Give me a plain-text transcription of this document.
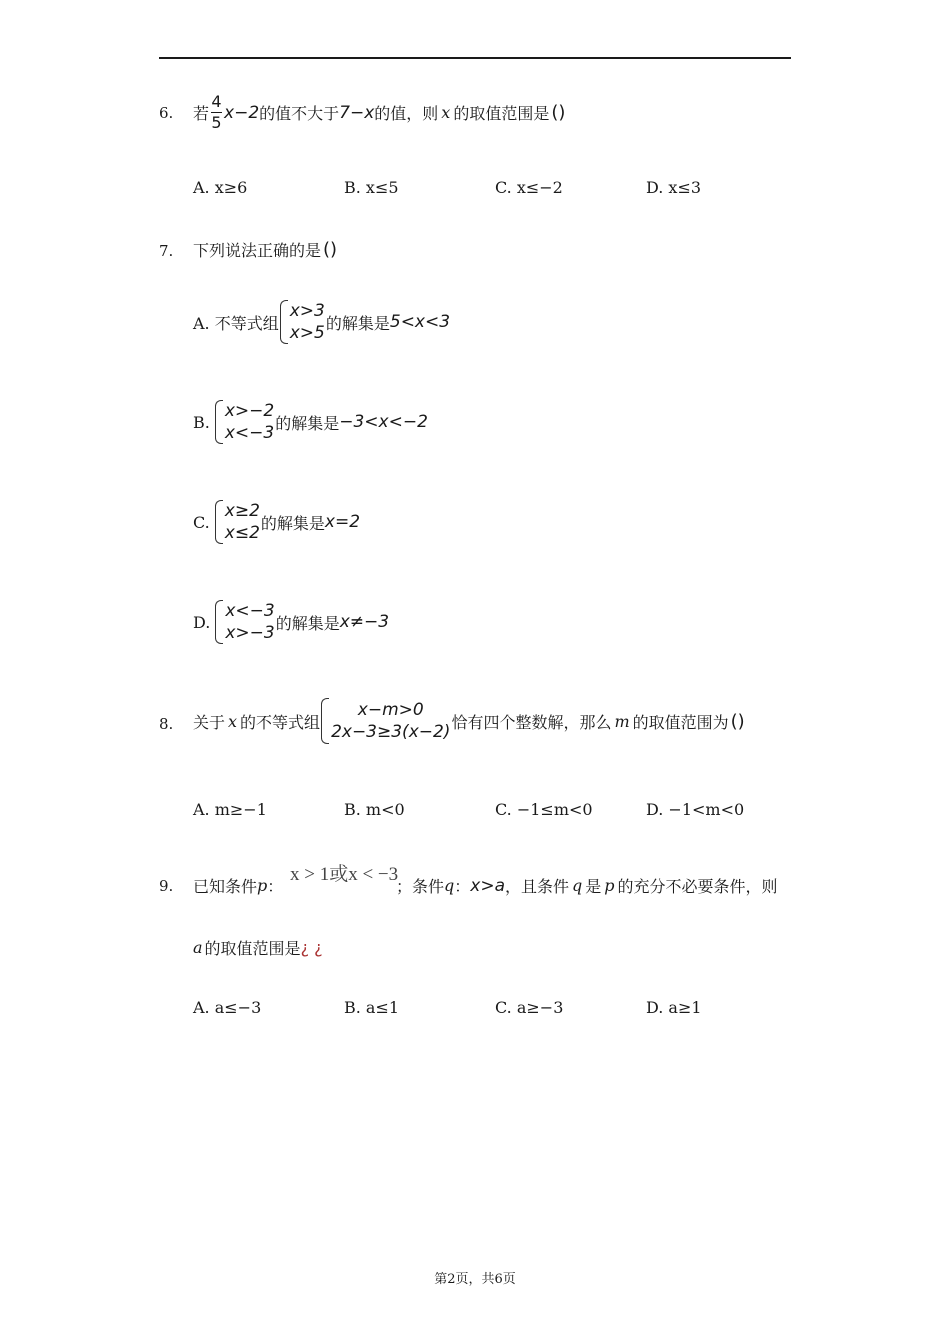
6. 若 $\frac{4}{5} x-2$ 的值不大于 7−x 的值，则 x 的取值范围是 ()
A. x≥6	B. x≤5	C. x≤−2	D. x≤3
7. 下列说法正确的是 ()
A. 不等式组
x>3
x>5 的解集是 5<x<3
B.
x>−2
x<−3 的解集是 −3<x<−2
C.
x≥2
x≤2 的解集是 x=2
D.
x<−3
x>−3 的解集是 x≠−3
8. 关于 x 的不等式组
x−m>0
2x−3≥3(x−2) 恰有四个整数解，那么 m 的取值范围为 ()
A. m≥−1	B. m<0	C. −1≤m<0	D. −1<m<0
9. 已知条件 p ：
x > 1或x < −3
；条件 q ： x>a ，且条件 q 是 p 的充分不必要条件，则
a 的取值范围是 ¿ ¿
A. a≤−3	B. a≤1	C. a≥−3	D. a≥1
第2页，共6页
